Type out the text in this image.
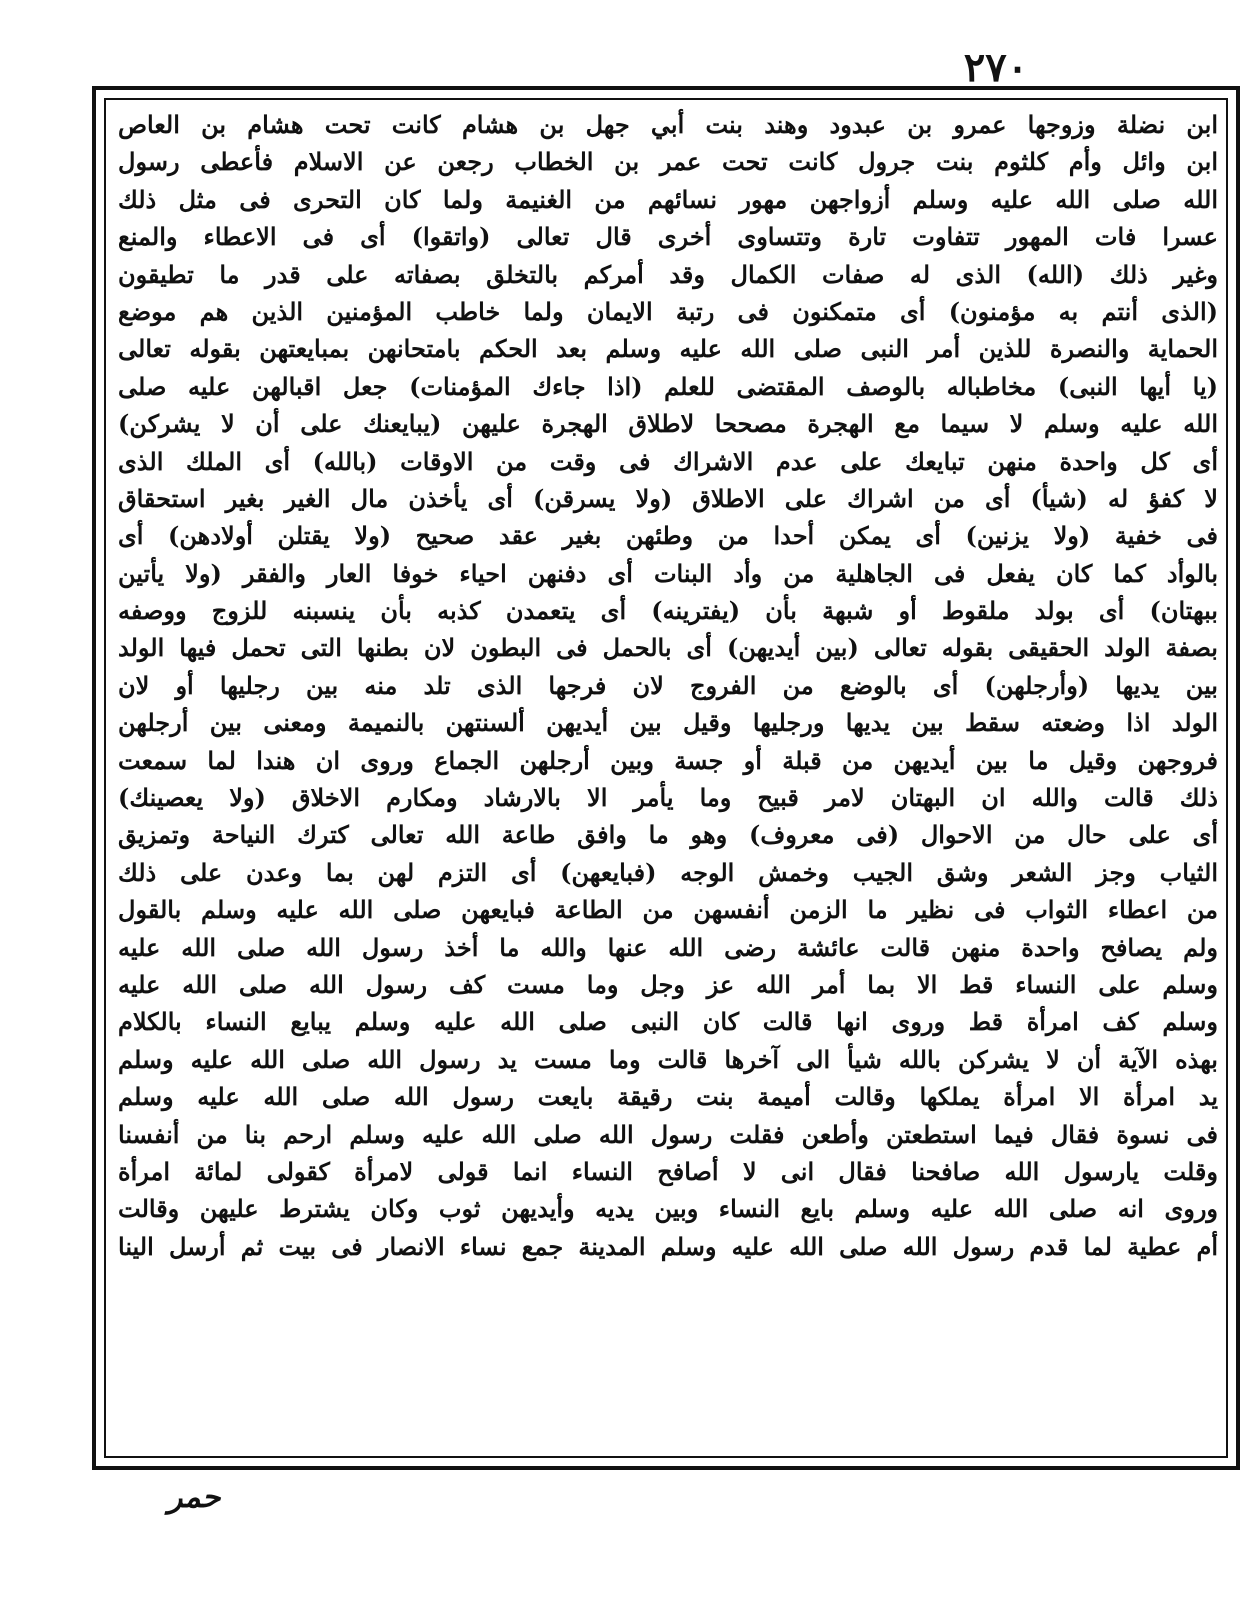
٢٧٠
ابن نضلة وزوجها عمرو بن عبدود وهند بنت أبي جهل بن هشام كانت تحت هشام بن العاص
ابن وائل وأم كلثوم بنت جرول كانت تحت عمر بن الخطاب رجعن عن الاسلام فأعطى رسول
الله صلى الله عليه وسلم أزواجهن مهور نسائهم من الغنيمة ولما كان التحرى فى مثل ذلك
عسرا فات المهور تتفاوت تارة وتتساوى أخرى قال تعالى (واتقوا) أى فى الاعطاء والمنع
وغير ذلك (الله) الذى له صفات الكمال وقد أمركم بالتخلق بصفاته على قدر ما تطيقون
(الذى أنتم به مؤمنون) أى متمكنون فى رتبة الايمان ولما خاطب المؤمنين الذين هم موضع
الحماية والنصرة للذين أمر النبى صلى الله عليه وسلم بعد الحكم بامتحانهن بمبايعتهن بقوله تعالى
(يا أيها النبى) مخاطباله بالوصف المقتضى للعلم (اذا جاءك المؤمنات) جعل اقبالهن عليه صلى
الله عليه وسلم لا سيما مع الهجرة مصححا لاطلاق الهجرة عليهن (يبايعنك على أن لا يشركن)
أى كل واحدة منهن تبايعك على عدم الاشراك فى وقت من الاوقات (بالله) أى الملك الذى
لا كفؤ له (شيأ) أى من اشراك على الاطلاق (ولا يسرقن) أى يأخذن مال الغير بغير استحقاق
فى خفية (ولا يزنين) أى يمكن أحدا من وطئهن بغير عقد صحيح (ولا يقتلن أولادهن) أى
بالوأد كما كان يفعل فى الجاهلية من وأد البنات أى دفنهن احياء خوفا العار والفقر (ولا يأتين
ببهتان) أى بولد ملقوط أو شبهة بأن (يفترينه) أى يتعمدن كذبه بأن ينسبنه للزوج ووصفه
بصفة الولد الحقيقى بقوله تعالى (بين أيديهن) أى بالحمل فى البطون لان بطنها التى تحمل فيها الولد
بين يديها (وأرجلهن) أى بالوضع من الفروج لان فرجها الذى تلد منه بين رجليها أو لان
الولد اذا وضعته سقط بين يديها ورجليها وقيل بين أيديهن ألسنتهن بالنميمة ومعنى بين أرجلهن
فروجهن وقيل ما بين أيديهن من قبلة أو جسة وبين أرجلهن الجماع وروى ان هندا لما سمعت
ذلك قالت والله ان البهتان لامر قبيح وما يأمر الا بالارشاد ومكارم الاخلاق (ولا يعصينك)
أى على حال من الاحوال (فى معروف) وهو ما وافق طاعة الله تعالى كترك النياحة وتمزيق
الثياب وجز الشعر وشق الجيب وخمش الوجه (فبايعهن) أى التزم لهن بما وعدن على ذلك
من اعطاء الثواب فى نظير ما الزمن أنفسهن من الطاعة فبايعهن صلى الله عليه وسلم بالقول
ولم يصافح واحدة منهن قالت عائشة رضى الله عنها والله ما أخذ رسول الله صلى الله عليه
وسلم على النساء قط الا بما أمر الله عز وجل وما مست كف رسول الله صلى الله عليه
وسلم كف امرأة قط وروى انها قالت كان النبى صلى الله عليه وسلم يبايع النساء بالكلام
بهذه الآية أن لا يشركن بالله شيأ الى آخرها قالت وما مست يد رسول الله صلى الله عليه وسلم
يد امرأة الا امرأة يملكها وقالت أميمة بنت رقيقة بايعت رسول الله صلى الله عليه وسلم
فى نسوة فقال فيما استطعتن وأطعن فقلت رسول الله صلى الله عليه وسلم ارحم بنا من أنفسنا
وقلت يارسول الله صافحنا فقال انى لا أصافح النساء انما قولى لامرأة كقولى لمائة امرأة
وروى انه صلى الله عليه وسلم بايع النساء وبين يديه وأيديهن ثوب وكان يشترط عليهن وقالت
أم عطية لما قدم رسول الله صلى الله عليه وسلم المدينة جمع نساء الانصار فى بيت ثم أرسل الينا
حمر
